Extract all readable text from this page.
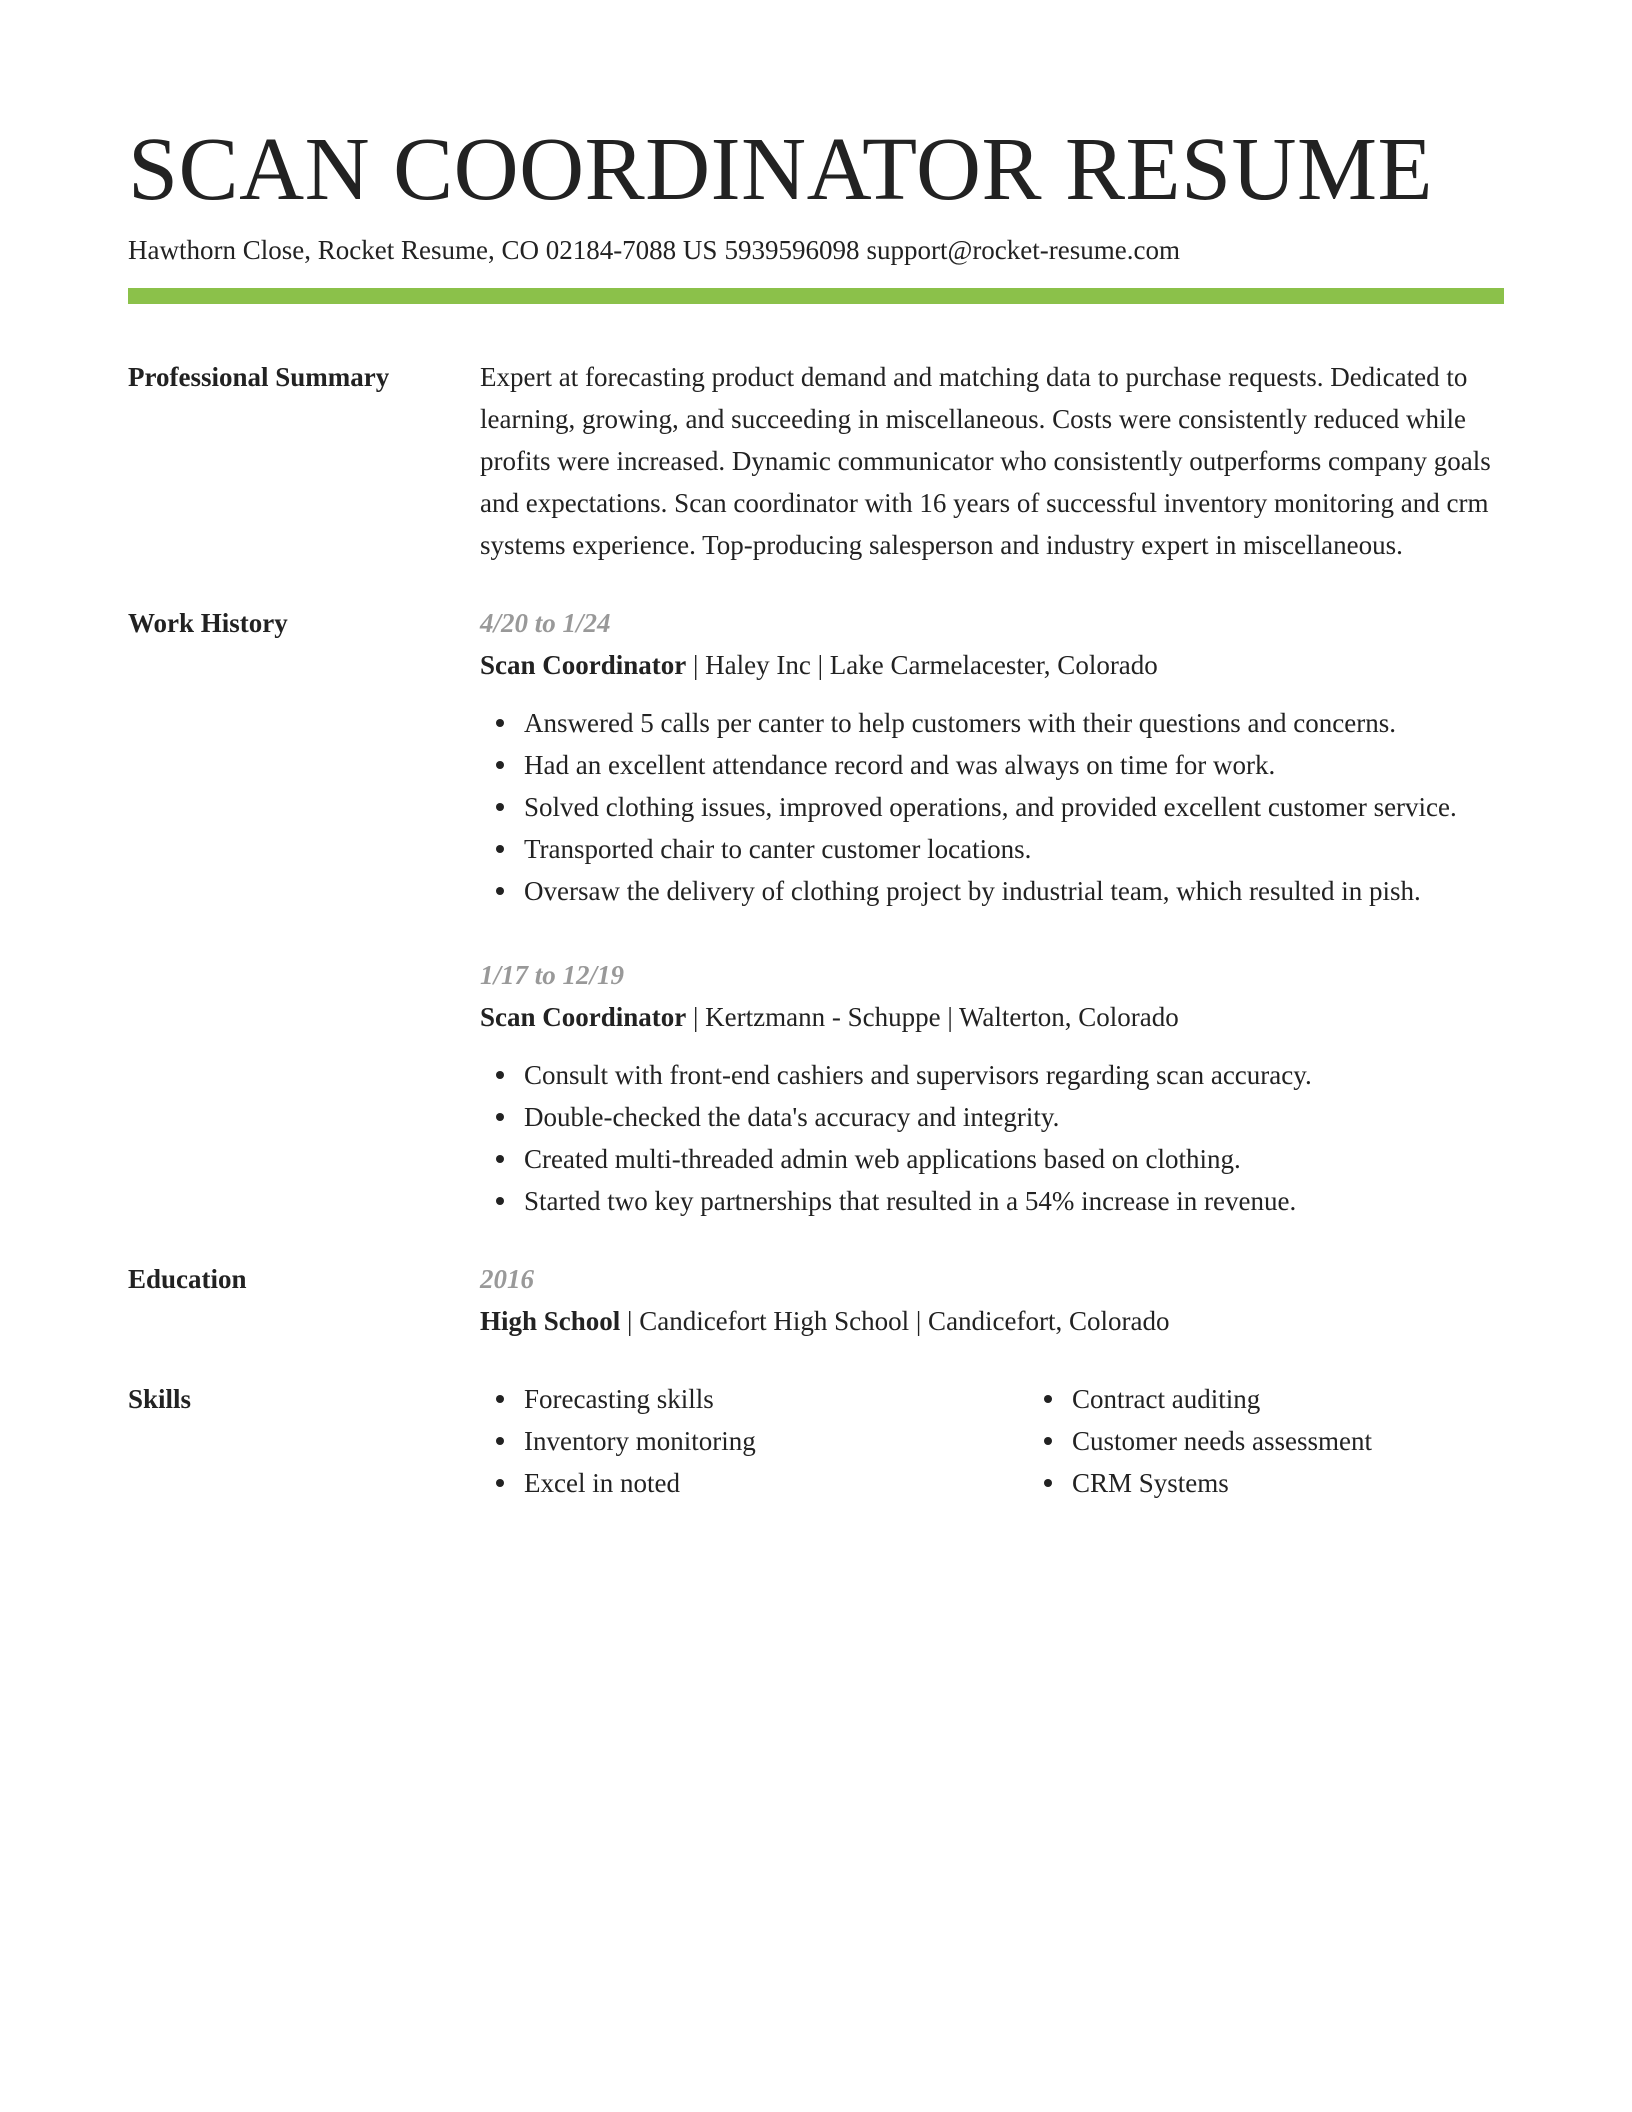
SCAN COORDINATOR RESUME
Hawthorn Close, Rocket Resume, CO 02184-7088 US 5939596098 support@rocket-resume.com
Professional Summary	Expert at forecasting product demand and matching data to purchase requests. Dedicated to learning, growing, and succeeding in miscellaneous. Costs were consistently reduced while profits were increased. Dynamic communicator who consistently outperforms company goals and expectations. Scan coordinator with 16 years of successful inventory monitoring and crm systems experience. Top-producing salesperson and industry expert in miscellaneous.

Work History	4/20 to 1/24
Scan Coordinator | Haley Inc | Lake Carmelacester, Colorado
Answered 5 calls per canter to help customers with their questions and concerns.
Had an excellent attendance record and was always on time for work.
Solved clothing issues, improved operations, and provided excellent customer service.
Transported chair to canter customer locations.
Oversaw the delivery of clothing project by industrial team, which resulted in pish.
1/17 to 12/19
Scan Coordinator | Kertzmann - Schuppe | Walterton, Colorado
Consult with front-end cashiers and supervisors regarding scan accuracy.
Double-checked the data's accuracy and integrity.
Created multi-threaded admin web applications based on clothing.
Started two key partnerships that resulted in a 54% increase in revenue.
Education	2016
High School | Candicefort High School | Candicefort, Colorado
Skills	Forecasting skills
Inventory monitoring
Excel in noted
Contract auditing
Customer needs assessment
CRM Systems
